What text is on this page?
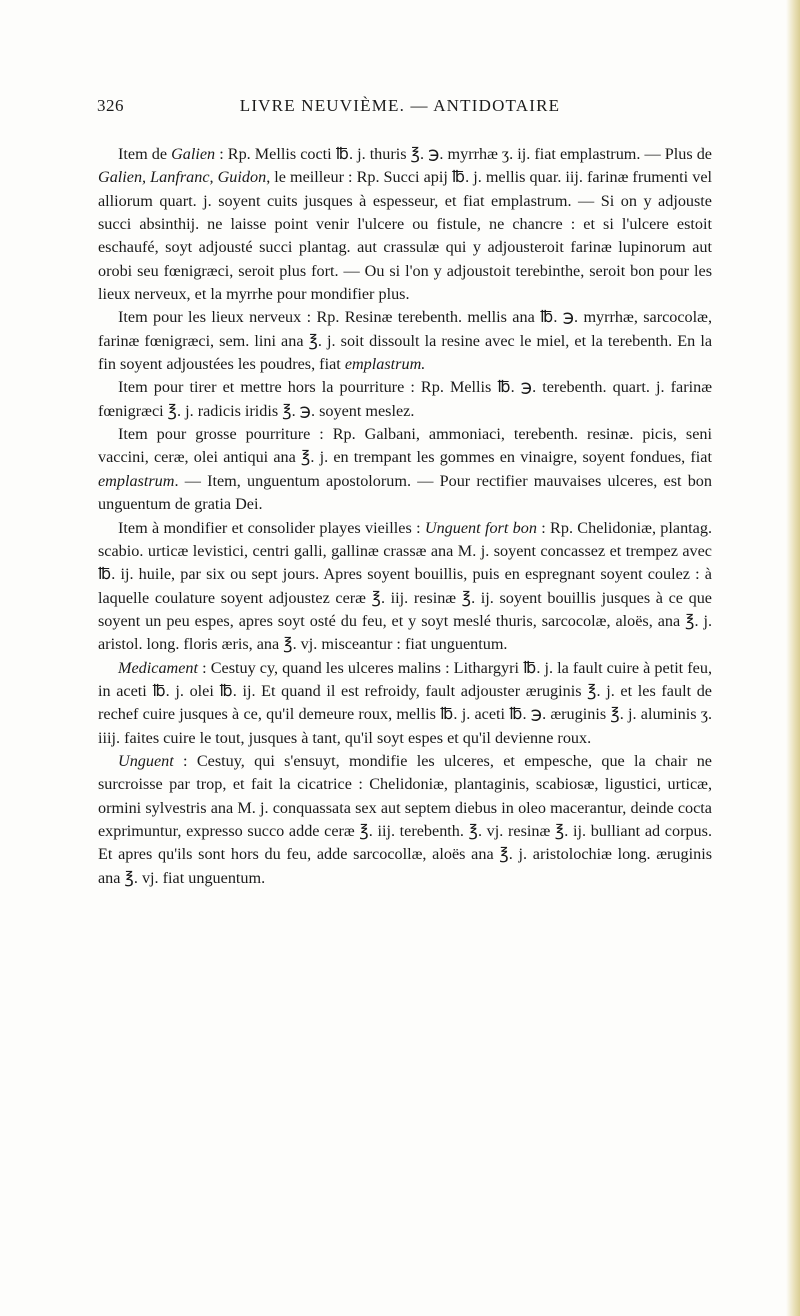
326	LIVRE NEUVIÈME. — ANTIDOTAIRE

Item de Galien : Rp. Mellis cocti ℔. j. thuris ℥. ℈. myrrhæ ʒ. ij. fiat emplastrum. — Plus de Galien, Lanfranc, Guidon, le meilleur : Rp. Succi apij ℔. j. mellis quar. iij. farinæ frumenti vel alliorum quart. j. soyent cuits jusques à espesseur, et fiat emplastrum. — Si on y adjouste succi absinthij. ne laisse point venir l'ulcere ou fistule, ne chancre : et si l'ulcere estoit eschaufé, soyt adjousté succi plantag. aut crassulæ qui y adjousteroit farinæ lupinorum aut orobi seu fœnigræci, seroit plus fort. — Ou si l'on y adjoustoit terebinthe, seroit bon pour les lieux nerveux, et la myrrhe pour mondifier plus.

Item pour les lieux nerveux : Rp. Resinæ terebenth. mellis ana ℔. ℈. myrrhæ, sarcocolæ, farinæ fœnigræci, sem. lini ana ℥. j. soit dissoult la resine avec le miel, et la terebenth. En la fin soyent adjoustées les poudres, fiat emplastrum.

Item pour tirer et mettre hors la pourriture : Rp. Mellis ℔. ℈. terebenth. quart. j. farinæ fœnigræci ℥. j. radicis iridis ℥. ℈. soyent meslez.

Item pour grosse pourriture : Rp. Galbani, ammoniaci, terebenth. resinæ. picis, seni vaccini, ceræ, olei antiqui ana ℥. j. en trempant les gommes en vinaigre, soyent fondues, fiat emplastrum. — Item, unguentum apostolorum. — Pour rectifier mauvaises ulceres, est bon unguentum de gratia Dei.

Item à mondifier et consolider playes vieilles : Unguent fort bon : Rp. Chelidoniæ, plantag. scabio. urticæ levistici, centri galli, gallinæ crassæ ana M. j. soyent concassez et trempez avec ℔. ij. huile, par six ou sept jours. Apres soyent bouillis, puis en espregnant soyent coulez : à laquelle coulature soyent adjoustez ceræ ℥. iij. resinæ ℥. ij. soyent bouillis jusques à ce que soyent un peu espes, apres soyt osté du feu, et y soyt meslé thuris, sarcocolæ, aloës, ana ℥. j. aristol. long. floris æris, ana ℥. vj. misceantur : fiat unguentum.

Medicament : Cestuy cy, quand les ulceres malins : Lithargyri ℔. j. la fault cuire à petit feu, in aceti ℔. j. olei ℔. ij. Et quand il est refroidy, fault adjouster æruginis ℥. j. et les fault de rechef cuire jusques à ce, qu'il demeure roux, mellis ℔. j. aceti ℔. ℈. æruginis ℥. j. aluminis ʒ. iiij. faites cuire le tout, jusques à tant, qu'il soyt espes et qu'il devienne roux.

Unguent : Cestuy, qui s'ensuyt, mondifie les ulceres, et empesche, que la chair ne surcroisse par trop, et fait la cicatrice : Chelidoniæ, plantaginis, scabiosæ, ligustici, urticæ, ormini sylvestris ana M. j. conquassata sex aut septem diebus in oleo macerantur, deinde cocta exprimuntur, expresso succo adde ceræ ℥. iij. terebenth. ℥. vj. resinæ ℥. ij. bulliant ad corpus. Et apres qu'ils sont hors du feu, adde sarcocollæ, aloës ana ℥. j. aristolochiæ long. æruginis ana ℥. vj. fiat unguentum.
